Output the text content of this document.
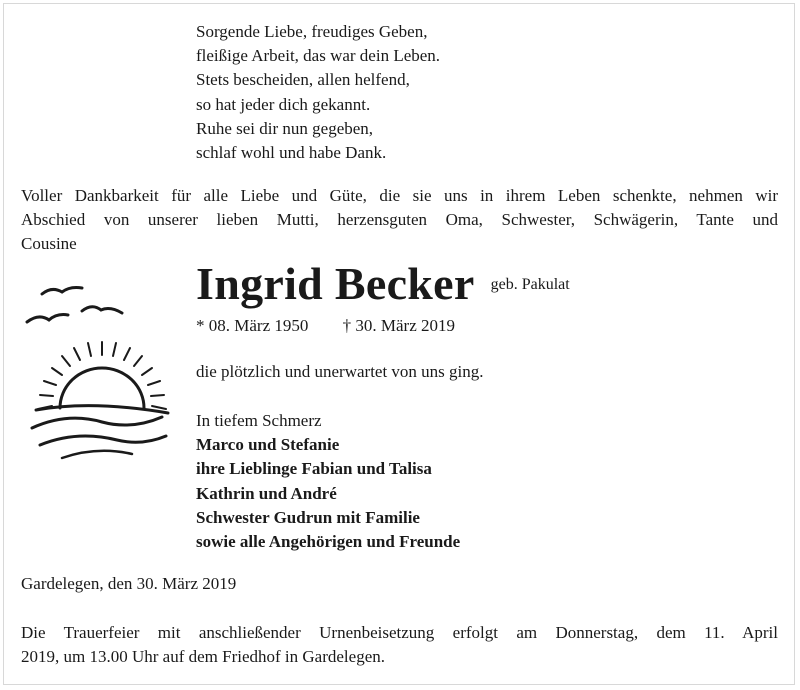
Sorgende Liebe, freudiges Geben,
fleißige Arbeit, das war dein Leben.
Stets bescheiden, allen helfend,
so hat jeder dich gekannt.
Ruhe sei dir nun gegeben,
schlaf wohl und habe Dank.
Voller Dankbarkeit für alle Liebe und Güte, die sie uns in ihrem Leben schenkte, nehmen wir
Abschied von unserer lieben Mutti, herzensguten Oma, Schwester, Schwägerin, Tante und
Cousine
Ingrid Becker geb. Pakulat
* 08. März 1950 † 30. März 2019
die plötzlich und unerwartet von uns ging.
In tiefem Schmerz
Marco und Stefanie
ihre Lieblinge Fabian und Talisa
Kathrin und André
Schwester Gudrun mit Familie
sowie alle Angehörigen und Freunde
Gardelegen, den 30. März 2019
Die Trauerfeier mit anschließender Urnenbeisetzung erfolgt am Donnerstag, dem 11. April
2019, um 13.00 Uhr auf dem Friedhof in Gardelegen.
